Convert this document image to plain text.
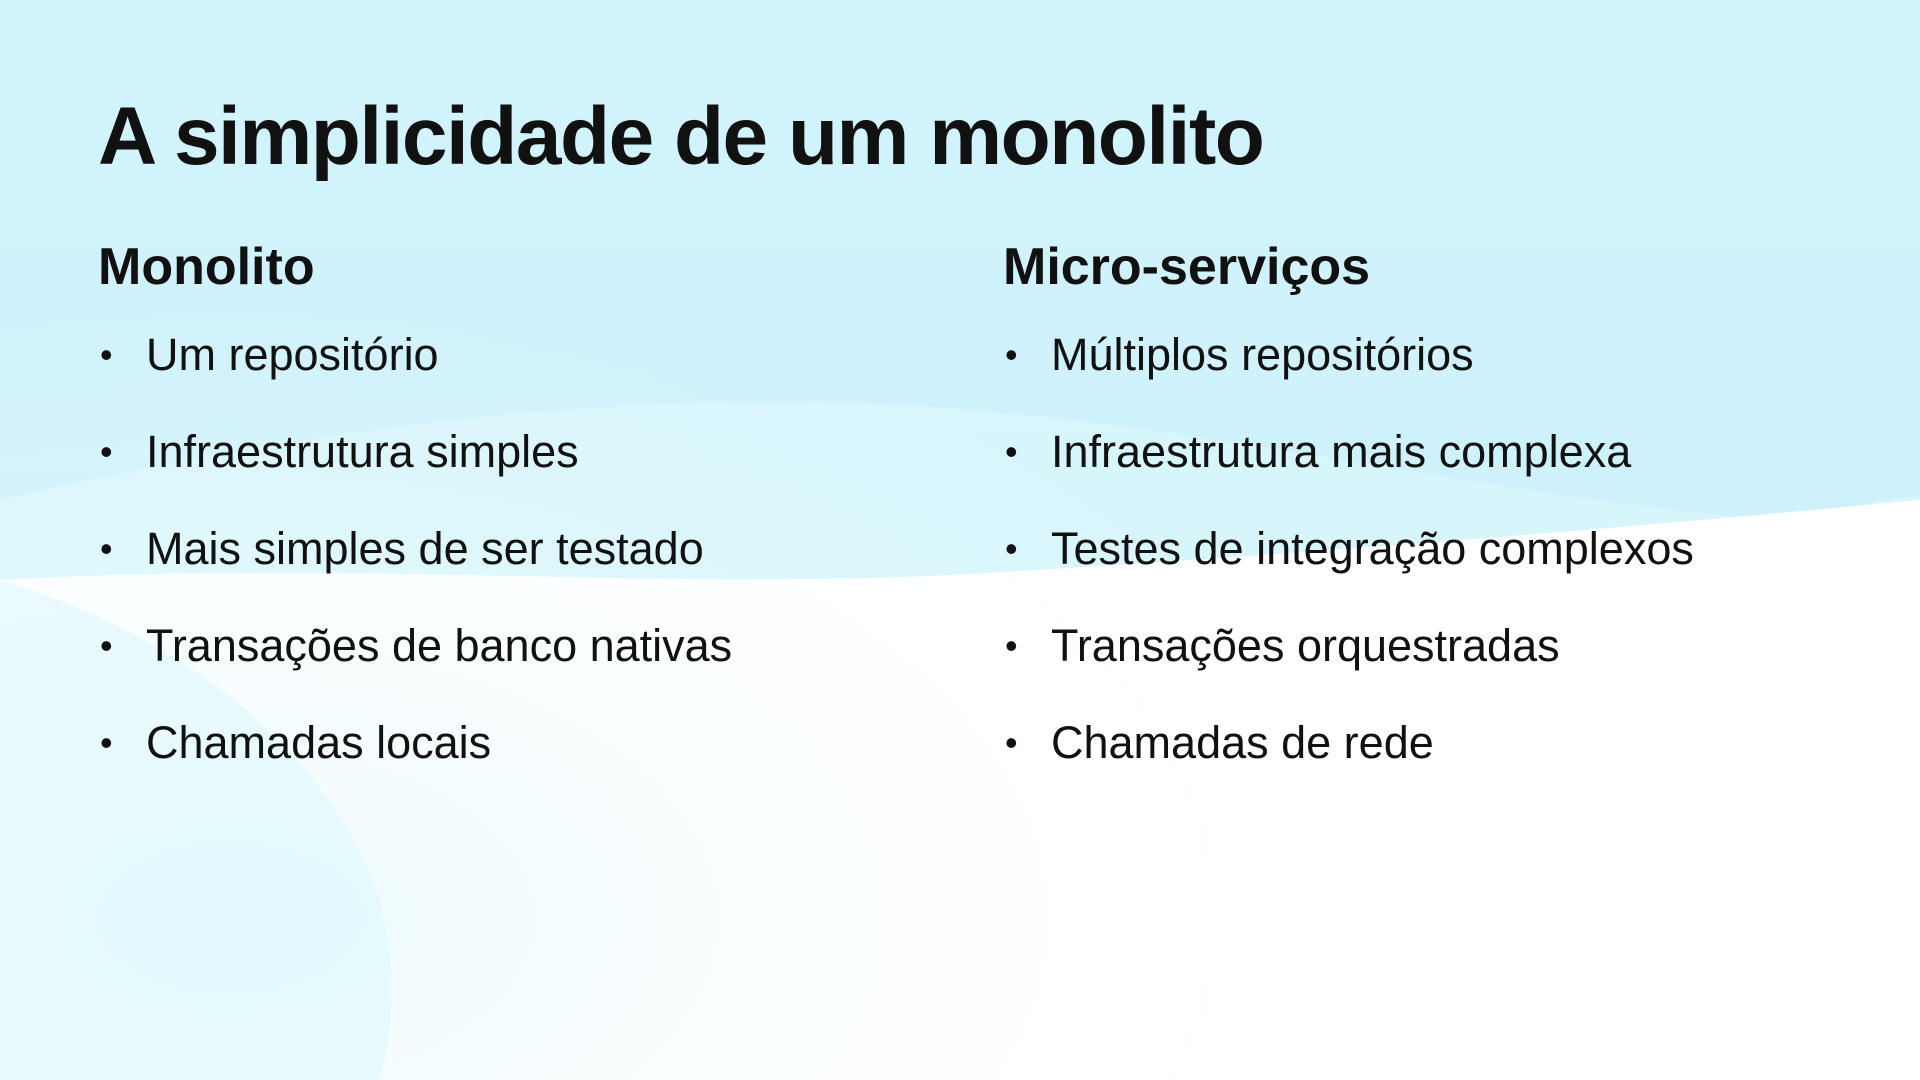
A simplicidade de um monolito
Monolito
• Um repositório
• Infraestrutura simples
• Mais simples de ser testado
• Transações de banco nativas
• Chamadas locais
Micro-serviços
• Múltiplos repositórios
• Infraestrutura mais complexa
• Testes de integração complexos
• Transações orquestradas
• Chamadas de rede
